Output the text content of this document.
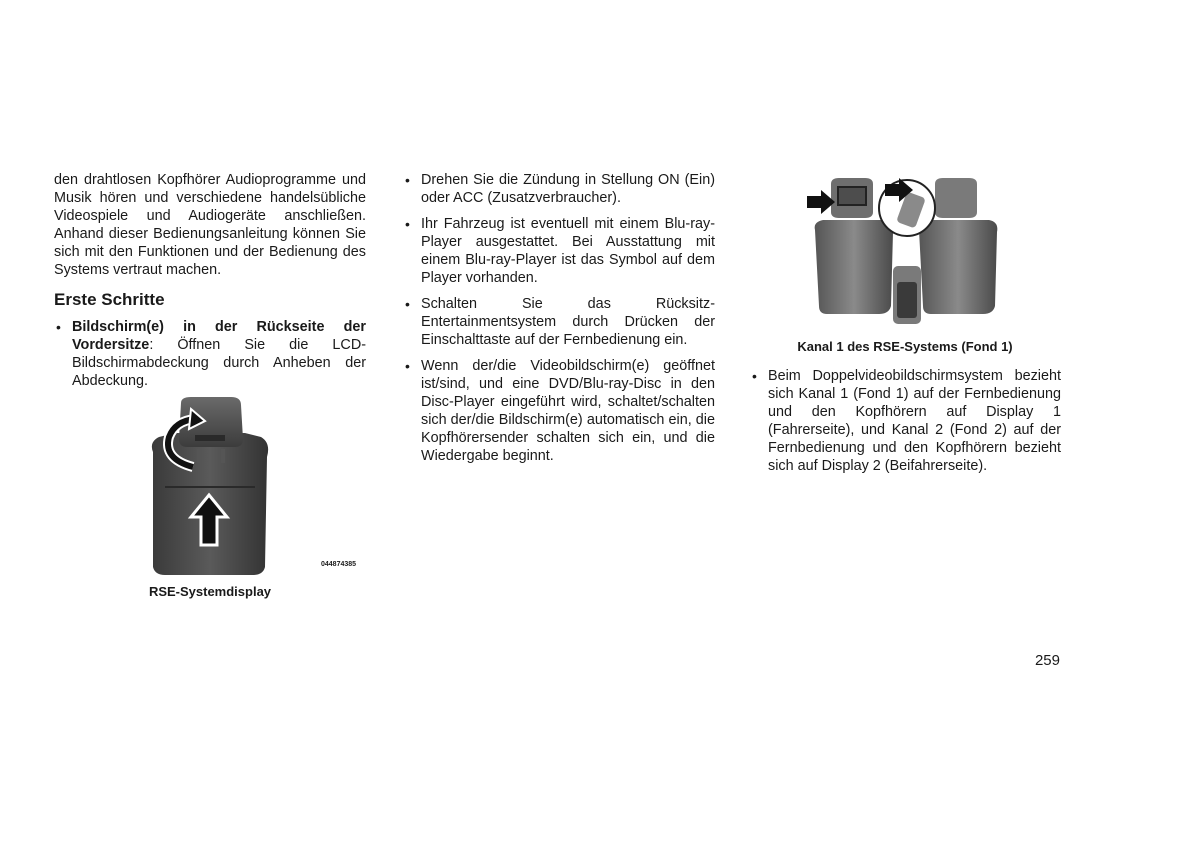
den drahtlosen Kopfhörer Audioprogramme und Musik hören und verschiedene handelsübliche Videospiele und Audiogeräte anschließen. Anhand dieser Bedienungsanleitung können Sie sich mit den Funktionen und der Bedienung des Systems vertraut machen.

Erste Schritte
• Bildschirm(e) in der Rückseite der Vordersitze: Öffnen Sie die LCD-Bildschirmabdeckung durch Anheben der Abdeckung.
044874385
RSE-Systemdisplay
• Drehen Sie die Zündung in Stellung ON (Ein) oder ACC (Zusatzverbraucher).
• Ihr Fahrzeug ist eventuell mit einem Blu-ray-Player ausgestattet. Bei Ausstattung mit einem Blu-ray-Player ist das Symbol auf dem Player vorhanden.
• Schalten Sie das Rücksitz-Entertainmentsystem durch Drücken der Einschalttaste auf der Fernbedienung ein.
• Wenn der/die Videobildschirm(e) geöffnet ist/sind, und eine DVD/Blu-ray-Disc in den Disc-Player eingeführt wird, schaltet/schalten sich der/die Bildschirm(e) automatisch ein, die Kopfhörersender schalten sich ein, und die Wiedergabe beginnt.
Kanal 1 des RSE-Systems (Fond 1)
• Beim Doppelvideobildschirmsystem bezieht sich Kanal 1 (Fond 1) auf der Fernbedienung und den Kopfhörern auf Display 1 (Fahrerseite), und Kanal 2 (Fond 2) auf der Fernbedienung und den Kopfhörern bezieht sich auf Display 2 (Beifahrerseite).
259
